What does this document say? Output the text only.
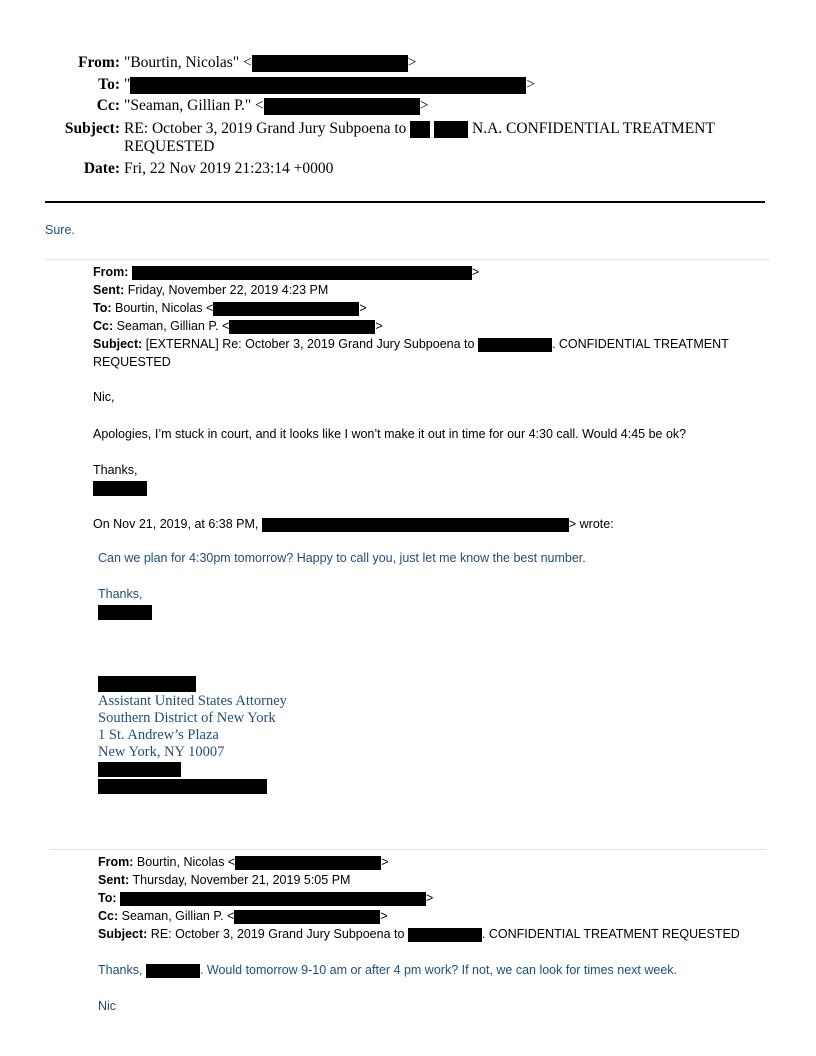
From: "Bourtin, Nicolas" <	>
To: "	>
Cc: "Seaman, Gillian P." <	>
Subject: RE: October 3, 2019 Grand Jury Subpoena to	N.A. CONFIDENTIAL TREATMENT
REQUESTED
Date: Fri, 22 Nov 2019 21:23:14 +0000
Sure.
From:	>
Sent: Friday, November 22, 2019 4:23 PM
To: Bourtin, Nicolas <	>
Cc: Seaman, Gillian P. <	>
Subject: [EXTERNAL] Re: October 3, 2019 Grand Jury Subpoena to	. CONFIDENTIAL TREATMENT
REQUESTED
Nic,
Apologies, I’m stuck in court, and it looks like I won’t make it out in time for our 4:30 call. Would 4:45 be ok?
Thanks,
On Nov 21, 2019, at 6:38 PM,	> wrote:
Can we plan for 4:30pm tomorrow? Happy to call you, just let me know the best number.
Thanks,
Assistant United States Attorney
Southern District of New York
1 St. Andrew’s Plaza
New York, NY 10007
From: Bourtin, Nicolas <	>
Sent: Thursday, November 21, 2019 5:05 PM
To:	>
Cc: Seaman, Gillian P. <	>
Subject: RE: October 3, 2019 Grand Jury Subpoena to	. CONFIDENTIAL TREATMENT REQUESTED
Thanks,	. Would tomorrow 9-10 am or after 4 pm work? If not, we can look for times next week.
Nic
